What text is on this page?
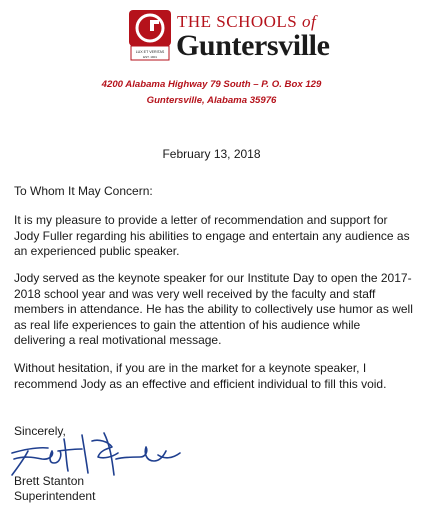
LUX ET VERITAS
EST. 1901
THE SCHOOLS of
Guntersville
4200 Alabama Highway 79 South – P. O. Box 129
Guntersville, Alabama 35976
February 13, 2018
To Whom It May Concern:

It is my pleasure to provide a letter of recommendation and support for Jody Fuller regarding his abilities to engage and entertain any audience as an experienced public speaker.

Jody served as the keynote speaker for our Institute Day to open the 2017-2018 school year and was very well received by the faculty and staff members in attendance. He has the ability to collectively use humor as well as real life experiences to gain the attention of his audience while delivering a real motivational message.

Without hesitation, if you are in the market for a keynote speaker, I recommend Jody as an effective and efficient individual to fill this void.

Sincerely,
Brett Stanton
Superintendent
